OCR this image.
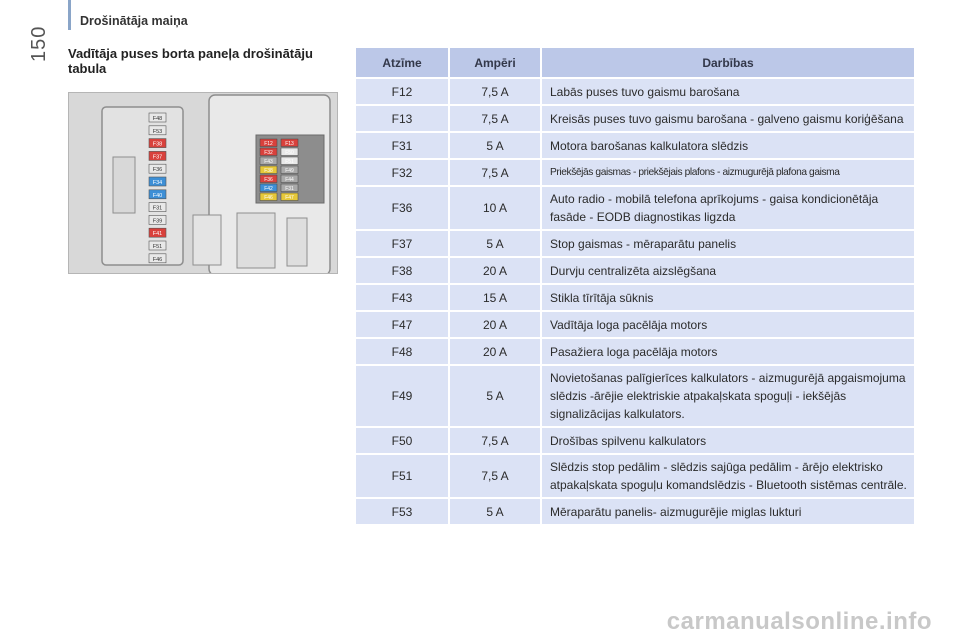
Drošinātāja maiņa
150 Vadītāja puses borta paneļa drošinātāju tabula
F48
F53
F38
F37
F36
F34
F40
F31
F39
F41
F51
F46
F12 F13
F32 F50
F43 F51
F38 F49
F36 F44
F42 F31
F46 F47
Atzīme	Ampēri	Darbības
F12	7,5 A	Labās puses tuvo gaismu barošana
F13	7,5 A	Kreisās puses tuvo gaismu barošana - galveno gaismu koriģēšana
F31	5 A	Motora barošanas kalkulatora slēdzis
F32	7,5 A	Priekšējās gaismas - priekšējais plafons - aizmugurējā plafona gaisma
F36	10 A	Auto radio - mobilā telefona aprīkojums - gaisa kondicionētāja fasāde - EODB diagnostikas ligzda
F37	5 A	Stop gaismas - mēraparātu panelis
F38	20 A	Durvju centralizēta aizslēgšana
F43	15 A	Stikla tīrītāja sūknis
F47	20 A	Vadītāja loga pacēlāja motors
F48	20 A	Pasažiera loga pacēlāja motors
F49	5 A	Novietošanas palīgierīces kalkulators - aizmugurējā apgaismojuma slēdzis -ārējie elektriskie atpakaļskata spoguļi - iekšējās signalizācijas kalkulators.
F50	7,5 A	Drošības spilvenu kalkulators
F51	7,5 A	Slēdzis stop pedālim - slēdzis sajūga pedālim - ārējo elektrisko atpakaļskata spoguļu komandslēdzis - Bluetooth sistēmas centrāle.
F53	5 A	Mēraparātu panelis- aizmugurējie miglas lukturi
carmanualsonline.info
